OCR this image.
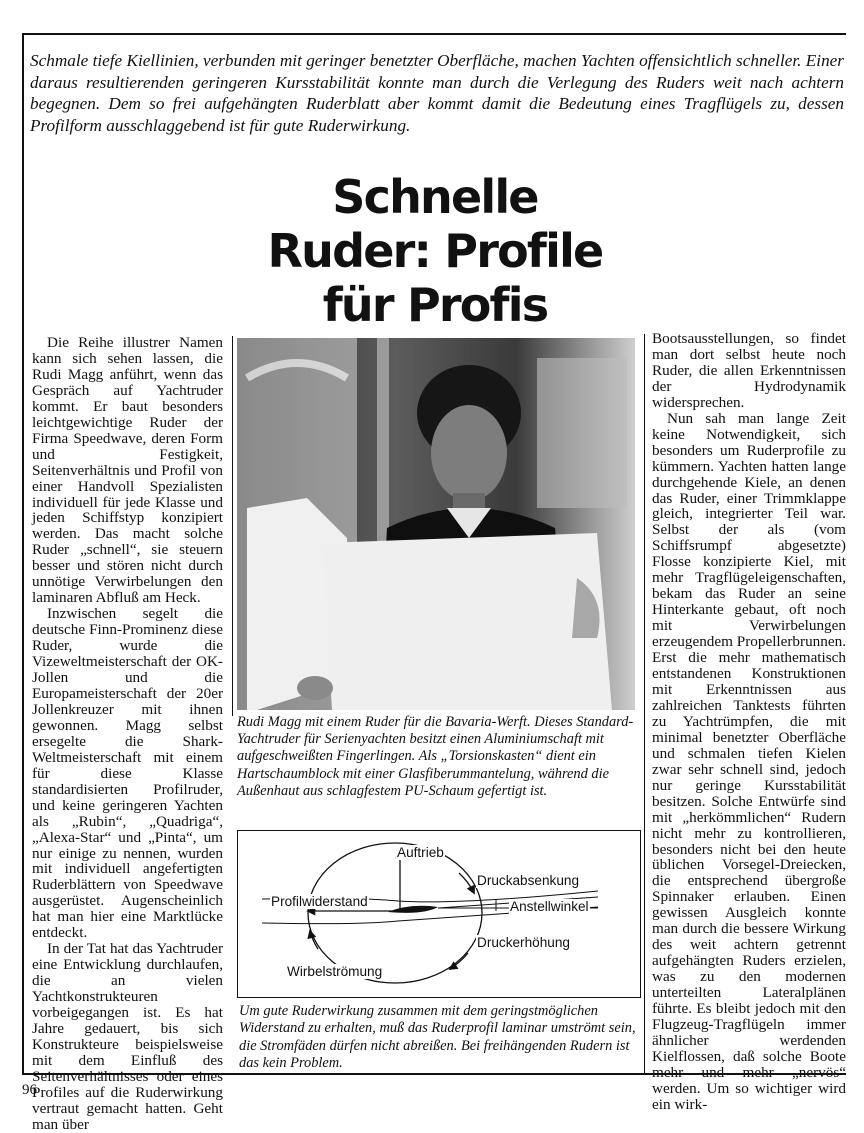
Schmale tiefe Kiellinien, verbunden mit geringer benetzter Oberfläche, machen Yachten offensichtlich schneller. Einer daraus resultierenden geringeren Kursstabilität konnte man durch die Verlegung des Ruders weit nach achtern begegnen. Dem so frei aufgehängten Ruderblatt aber kommt damit die Bedeutung eines Tragflügels zu, dessen Profilform ausschlaggebend ist für gute Ruderwirkung.
Schnelle
Ruder: Profile
für Profis

Die Reihe illustrer Namen kann sich sehen lassen, die Rudi Magg anführt, wenn das Gespräch auf Yachtruder kommt. Er baut besonders leichtgewichtige Ruder der Firma Speedwave, deren Form und Festigkeit, Seitenverhältnis und Profil von einer Handvoll Spezialisten individuell für jede Klasse und jeden Schiffstyp konzipiert werden. Das macht solche Ruder „schnell“, sie steuern besser und stören nicht durch unnötige Verwirbelungen den laminaren Abfluß am Heck.

Inzwischen segelt die deutsche Finn-Prominenz diese Ruder, wurde die Vizeweltmeisterschaft der OK-Jollen und die Europameisterschaft der 20er Jollenkreuzer mit ihnen gewonnen. Magg selbst ersegelte die Shark-Weltmeisterschaft mit einem für diese Klasse standardisierten Profilruder, und keine geringeren Yachten als „Rubin“, „Quadriga“, „Alexa-Star“ und „Pinta“, um nur einige zu nennen, wurden mit individuell angefertigten Ruderblättern von Speedwave ausgerüstet. Augenscheinlich hat man hier eine Marktlücke entdeckt.

In der Tat hat das Yachtruder eine Entwicklung durchlaufen, die an vielen Yachtkonstrukteuren vorbeigegangen ist. Es hat Jahre gedauert, bis sich Konstrukteure beispielsweise mit dem Einfluß des Seitenverhältnisses oder eines Profiles auf die Ruderwirkung vertraut gemacht hatten. Geht man über

Rudi Magg mit einem Ruder für die Bavaria-Werft. Dieses Standard-Yachtruder für Serienyachten besitzt einen Aluminiumschaft mit aufgeschweißten Fingerlingen. Als „Torsionskasten“ dient ein Hartschaumblock mit einer Glasfiberummantelung, während die Außenhaut aus schlagfestem PU-Schaum gefertigt ist.
Auftrieb
Druckabsenkung
Profilwiderstand	Anstellwinkel
Druckerhöhung
Wirbelströmung
Um gute Ruderwirkung zusammen mit dem geringstmöglichen Widerstand zu erhalten, muß das Ruderprofil laminar umströmt sein, die Stromfäden dürfen nicht abreißen. Bei freihängenden Rudern ist das kein Problem.

Bootsausstellungen, so findet man dort selbst heute noch Ruder, die allen Erkenntnissen der Hydrodynamik widersprechen.

Nun sah man lange Zeit keine Notwendigkeit, sich besonders um Ruderprofile zu kümmern. Yachten hatten lange durchgehende Kiele, an denen das Ruder, einer Trimmklappe gleich, integrierter Teil war. Selbst der als (vom Schiffsrumpf abgesetzte) Flosse konzipierte Kiel, mit mehr Tragflügeleigenschaften, bekam das Ruder an seine Hinterkante gebaut, oft noch mit Verwirbelungen erzeugendem Propellerbrunnen. Erst die mehr mathematisch entstandenen Konstruktionen mit Erkenntnissen aus zahlreichen Tanktests führten zu Yachtrümpfen, die mit minimal benetzter Oberfläche und schmalen tiefen Kielen zwar sehr schnell sind, jedoch nur geringe Kursstabilität besitzen. Solche Entwürfe sind mit „herkömmlichen“ Rudern nicht mehr zu kontrollieren, besonders nicht bei den heute üblichen Vorsegel-Dreiecken, die entsprechend übergroße Spinnaker erlauben. Einen gewissen Ausgleich konnte man durch die bessere Wirkung des weit achtern getrennt aufgehängten Ruders erzielen, was zu den modernen unterteilten Lateralplänen führte. Es bleibt jedoch mit den Flugzeug-Tragflügeln immer ähnlicher werdenden Kielflossen, daß solche Boote mehr und mehr „nervös“ werden. Um so wichtiger wird ein wirk-

96
